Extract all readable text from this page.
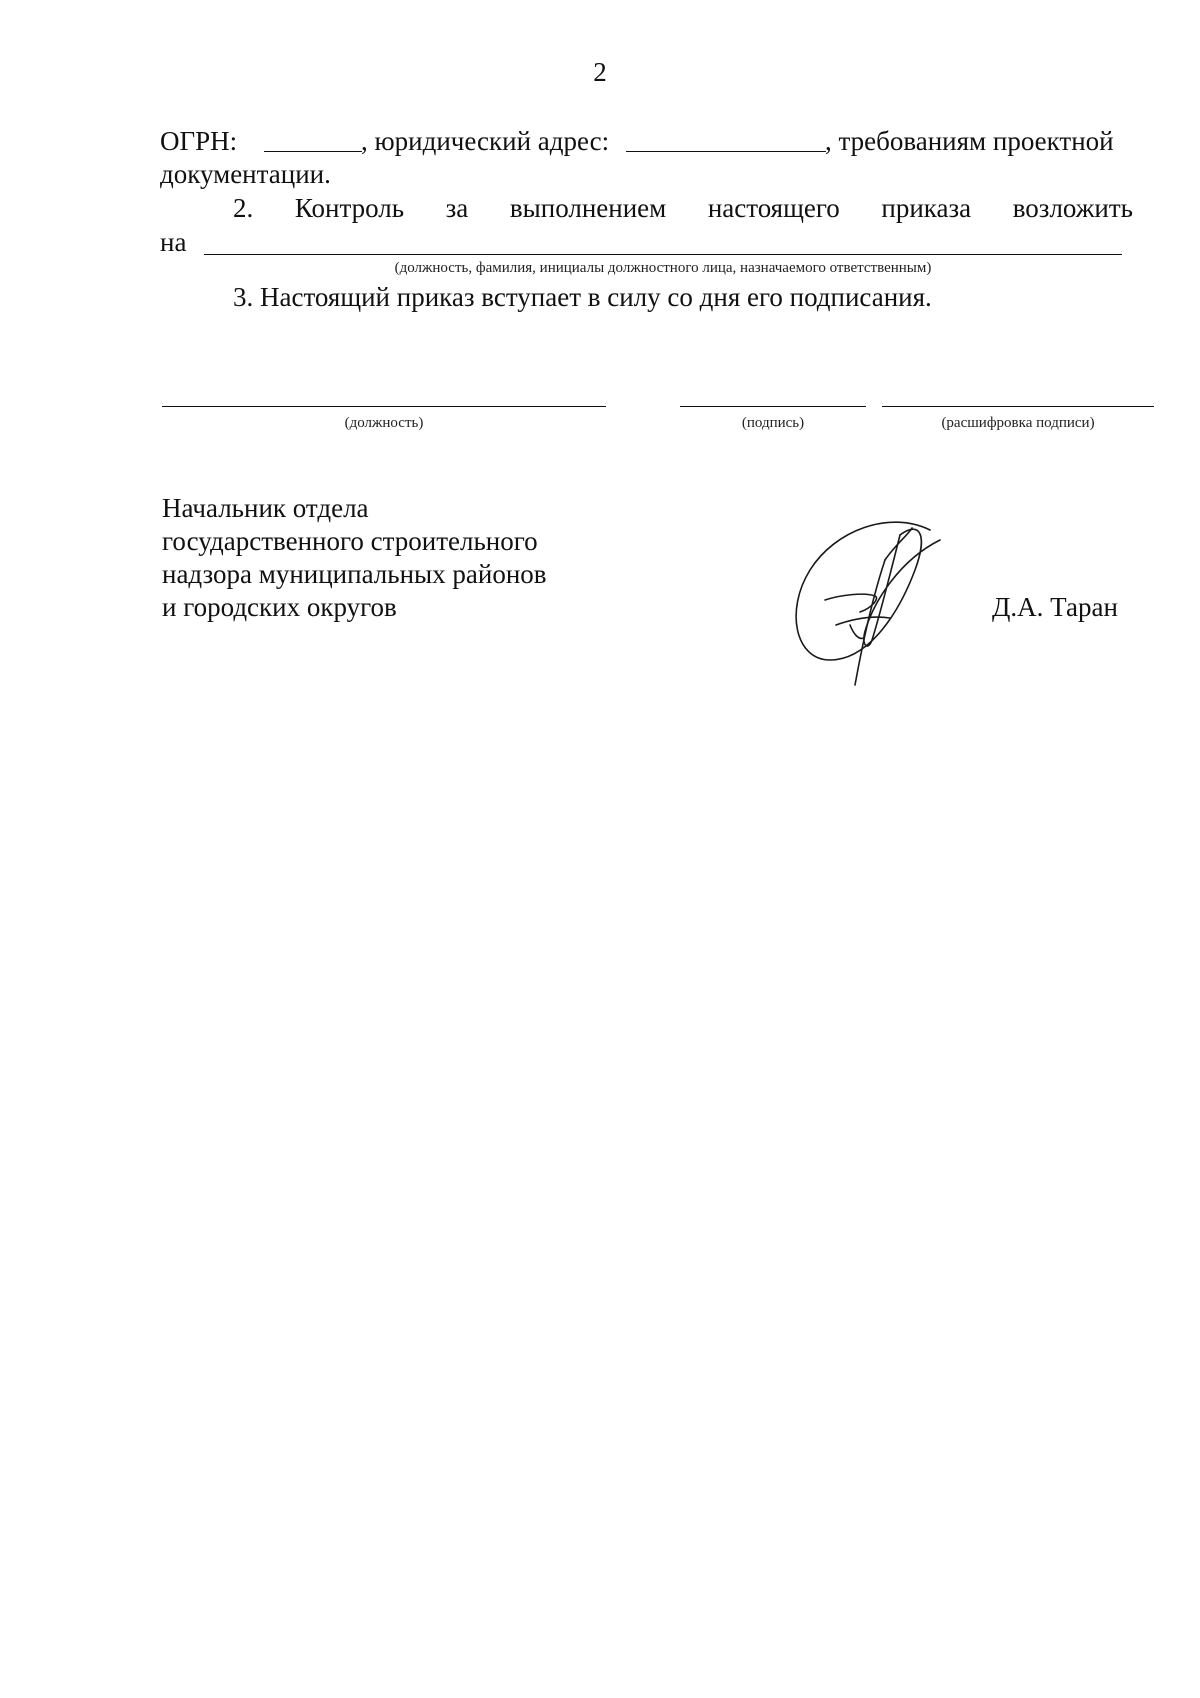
2
ОГРН:	, юридический адрес:	, требованиям проектной
документации.
2. Контроль за выполнением настоящего приказа возложить
на
(должность, фамилия, инициалы должностного лица, назначаемого ответственным)
3. Настоящий приказ вступает в силу со дня его подписания.
(должность)	(подпись)	(расшифровка подписи)
Начальник отдела
государственного строительного
надзора муниципальных районов
и городских округов	Д.А. Таран
